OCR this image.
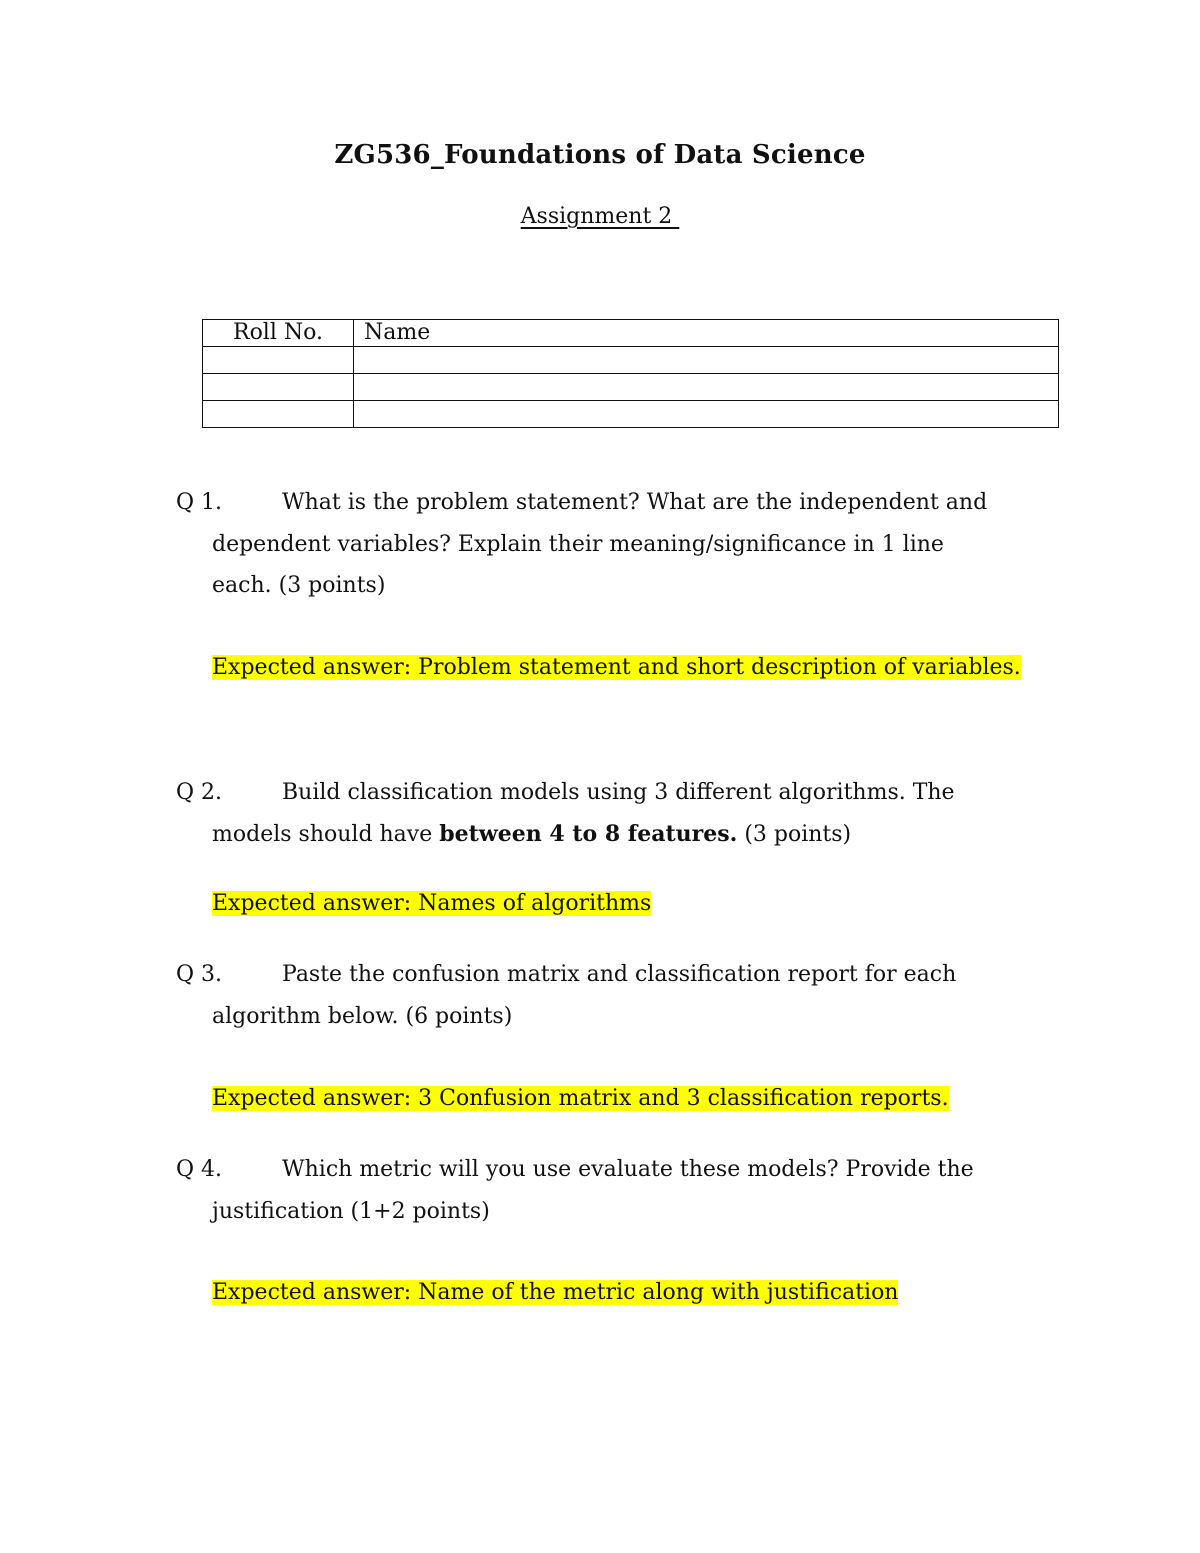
ZG536_Foundations of Data Science

Assignment 2

Roll No.	Name

Q 1.	What is the problem statement? What are the independent and
dependent variables? Explain their meaning/significance in 1 line
each. (3 points)
Expected answer: Problem statement and short description of variables.
Q 2.	Build classification models using 3 different algorithms. The
models should have between 4 to 8 features. (3 points)
Expected answer: Names of algorithms
Q 3.	Paste the confusion matrix and classification report for each
algorithm below. (6 points)
Expected answer: 3 Confusion matrix and 3 classification reports.
Q 4.	Which metric will you use evaluate these models? Provide the
justification (1+2 points)
Expected answer: Name of the metric along with justification
